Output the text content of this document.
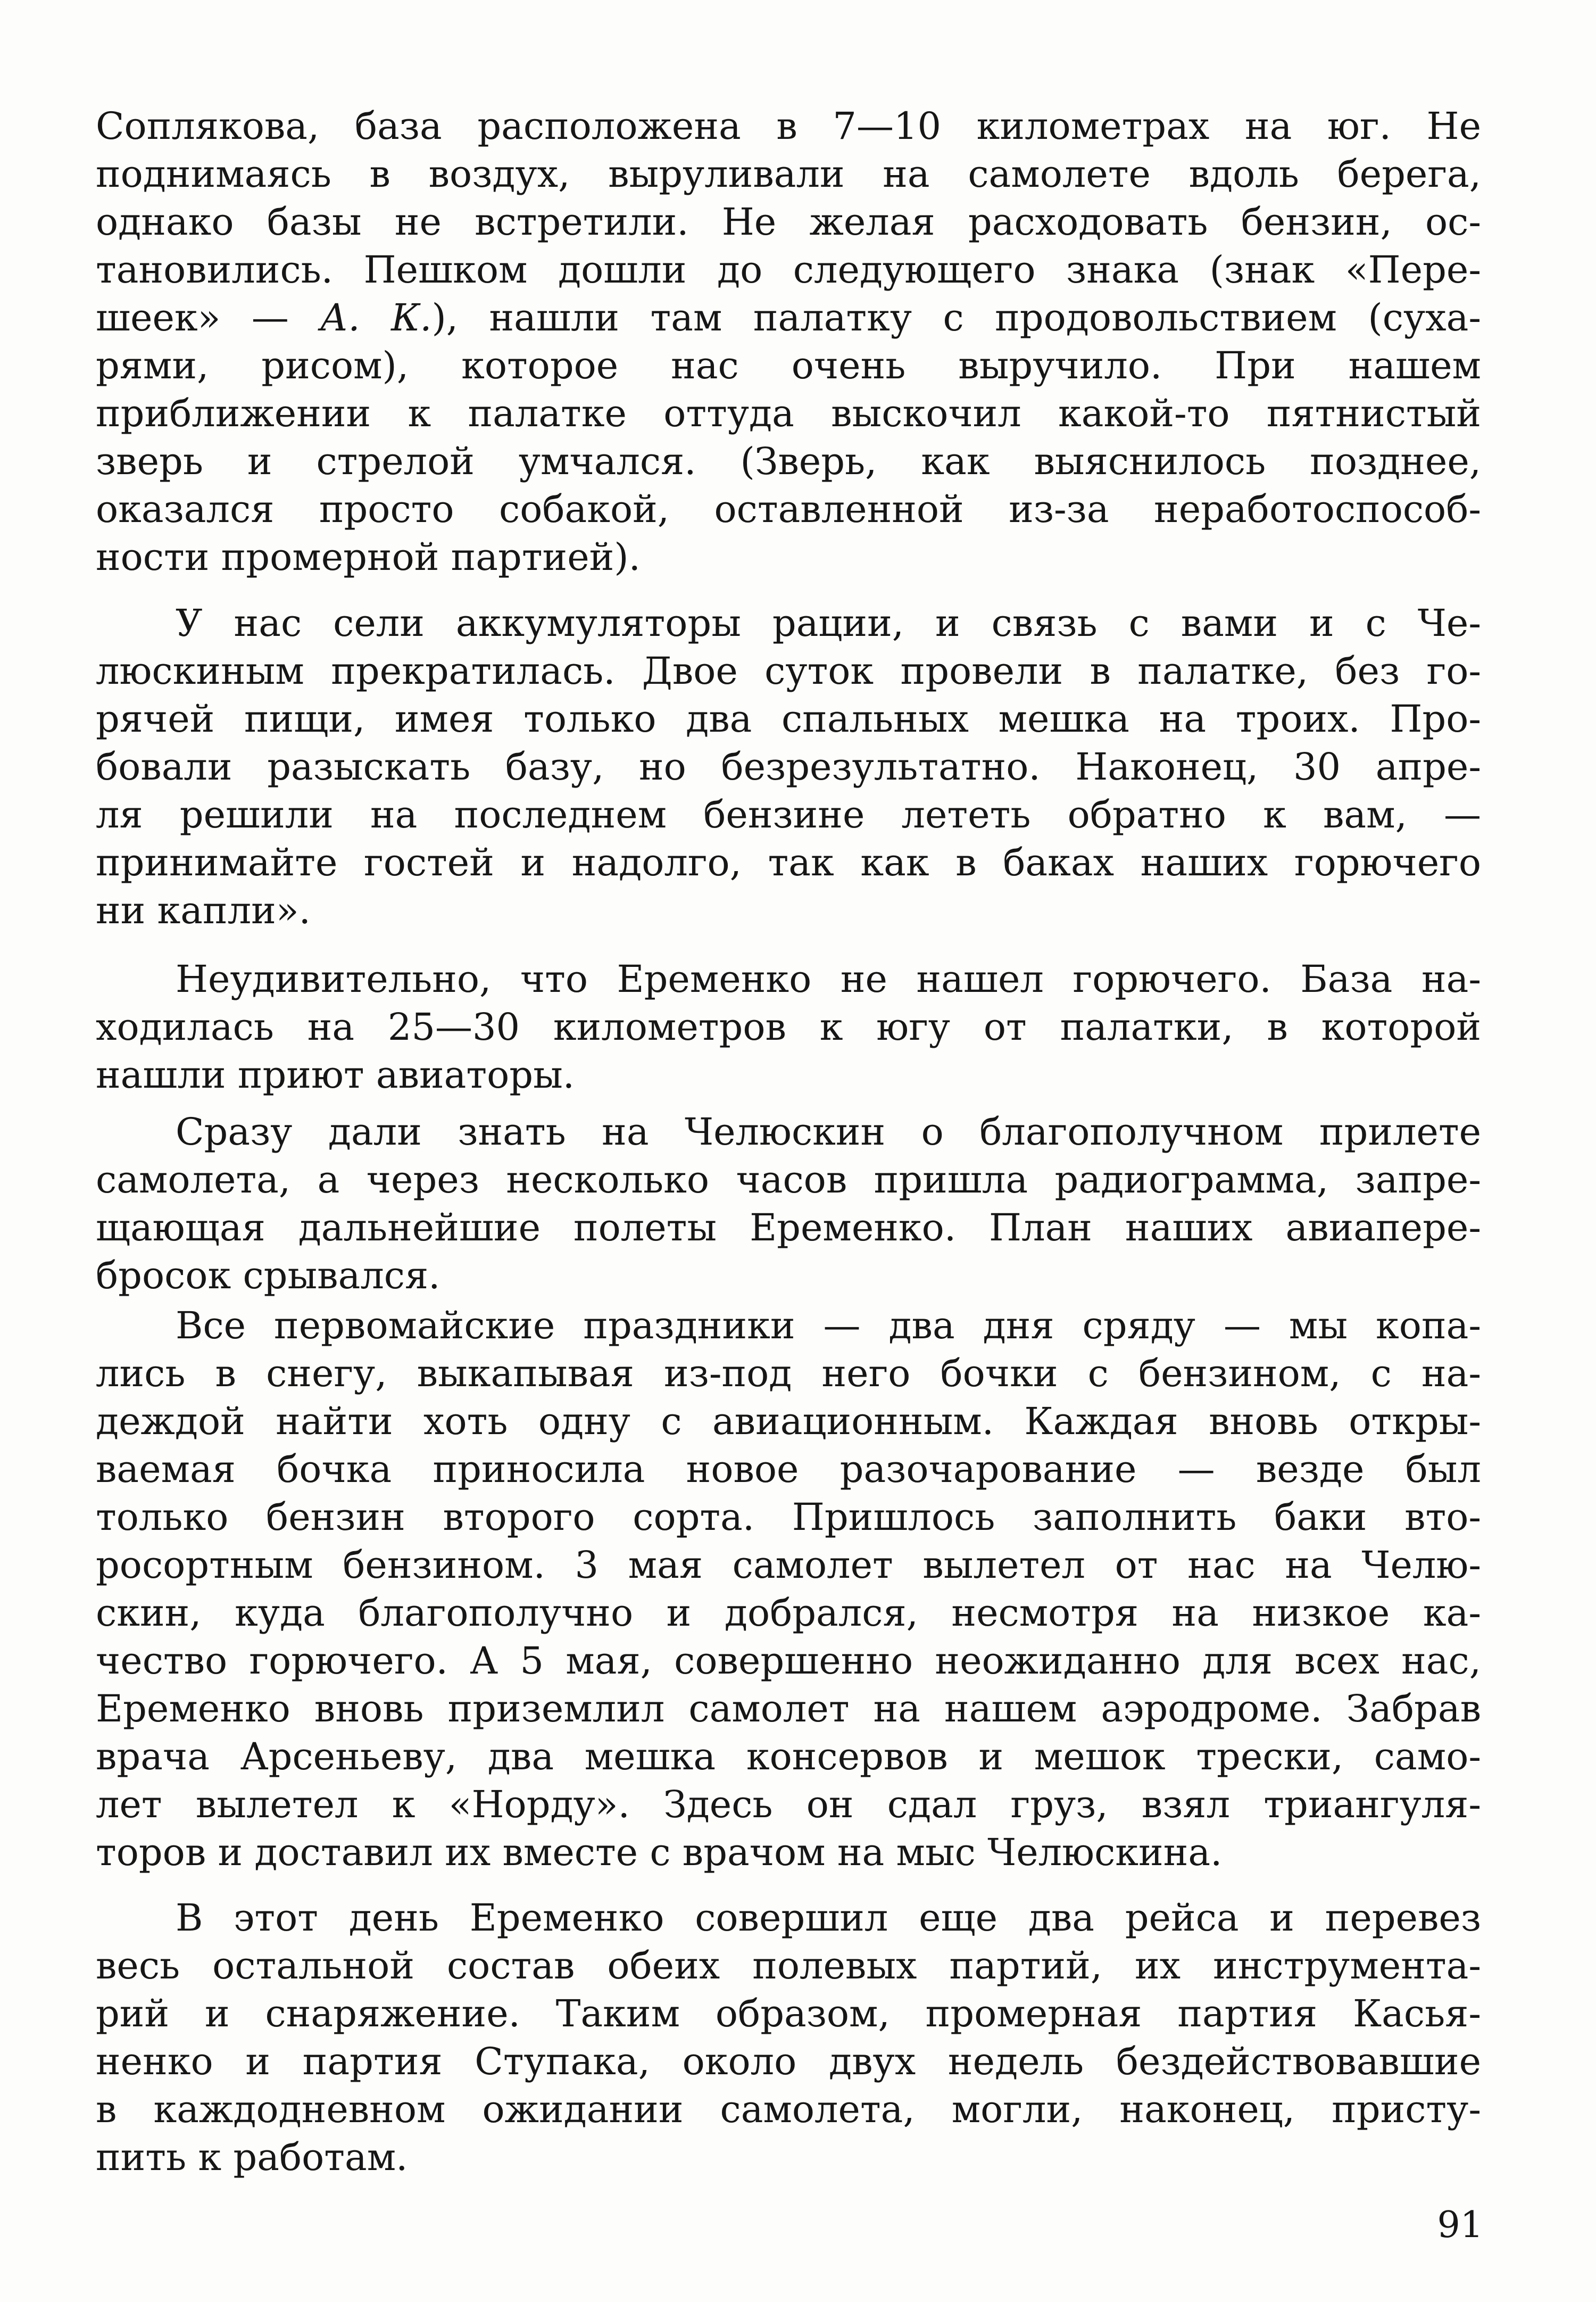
Соплякова, база расположена в 7—10 километрах на юг. Не
поднимаясь в воздух, выруливали на самолете вдоль берега,
однако базы не встретили. Не желая расходовать бензин, ос-
тановились. Пешком дошли до следующего знака (знак «Пере-
шеек» — А. К.), нашли там палатку с продовольствием (суха-
рями, рисом), которое нас очень выручило. При нашем
приближении к палатке оттуда выскочил какой-то пятнистый
зверь и стрелой умчался. (Зверь, как выяснилось позднее,
оказался просто собакой, оставленной из-за неработоспособ-
ности промерной партией).
У нас сели аккумуляторы рации, и связь с вами и с Че-
люскиным прекратилась. Двое суток провели в палатке, без го-
рячей пищи, имея только два спальных мешка на троих. Про-
бовали разыскать базу, но безрезультатно. Наконец, 30 апре-
ля решили на последнем бензине лететь обратно к вам, —
принимайте гостей и надолго, так как в баках наших горючего
ни капли».
Неудивительно, что Еременко не нашел горючего. База на-
ходилась на 25—30 километров к югу от палатки, в которой
нашли приют авиаторы.
Сразу дали знать на Челюскин о благополучном прилете
самолета, а через несколько часов пришла радиограмма, запре-
щающая дальнейшие полеты Еременко. План наших авиапере-
бросок срывался.
Все первомайские праздники — два дня сряду — мы копа-
лись в снегу, выкапывая из-под него бочки с бензином, с на-
деждой найти хоть одну с авиационным. Каждая вновь откры-
ваемая бочка приносила новое разочарование — везде был
только бензин второго сорта. Пришлось заполнить баки вто-
росортным бензином. 3 мая самолет вылетел от нас на Челю-
скин, куда благополучно и добрался, несмотря на низкое ка-
чество горючего. А 5 мая, совершенно неожиданно для всех нас,
Еременко вновь приземлил самолет на нашем аэродроме. Забрав
врача Арсеньеву, два мешка консервов и мешок трески, само-
лет вылетел к «Норду». Здесь он сдал груз, взял триангуля-
торов и доставил их вместе с врачом на мыс Челюскина.
В этот день Еременко совершил еще два рейса и перевез
весь остальной состав обеих полевых партий, их инструмента-
рий и снаряжение. Таким образом, промерная партия Касья-
ненко и партия Ступака, около двух недель бездействовавшие
в каждодневном ожидании самолета, могли, наконец, присту-
пить к работам.
91
